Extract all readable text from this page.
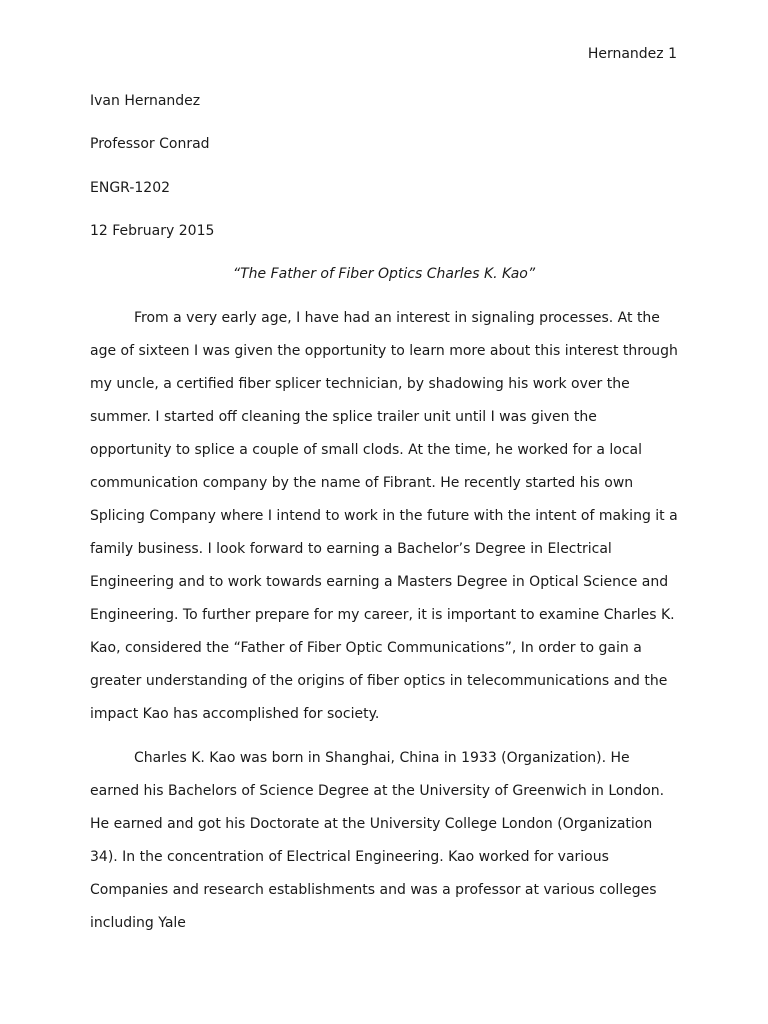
Hernandez 1
Ivan Hernandez
Professor Conrad
ENGR-1202
12 February 2015
“The Father of Fiber Optics Charles K. Kao”

From a very early age, I have had an interest in signaling processes. At the age of sixteen I was given the opportunity to learn more about this interest through my uncle, a certified fiber splicer technician, by shadowing his work over the summer. I started off cleaning the splice trailer unit until I was given the opportunity to splice a couple of small clods. At the time, he worked for a local communication company by the name of Fibrant. He recently started his own Splicing Company where I intend to work in the future with the intent of making it a family business. I look forward to earning a Bachelor’s Degree in Electrical Engineering and to work towards earning a Masters Degree in Optical Science and Engineering. To further prepare for my career, it is important to examine Charles K. Kao, considered the “Father of Fiber Optic Communications”, In order to gain a greater understanding of the origins of fiber optics in telecommunications and the impact Kao has accomplished for society.

Charles K. Kao was born in Shanghai, China in 1933 (Organization). He earned his Bachelors of Science Degree at the University of Greenwich in London. He earned and got his Doctorate at the University College London (Organization 34). In the concentration of Electrical Engineering. Kao worked for various Companies and research establishments and was a professor at various colleges including Yale
